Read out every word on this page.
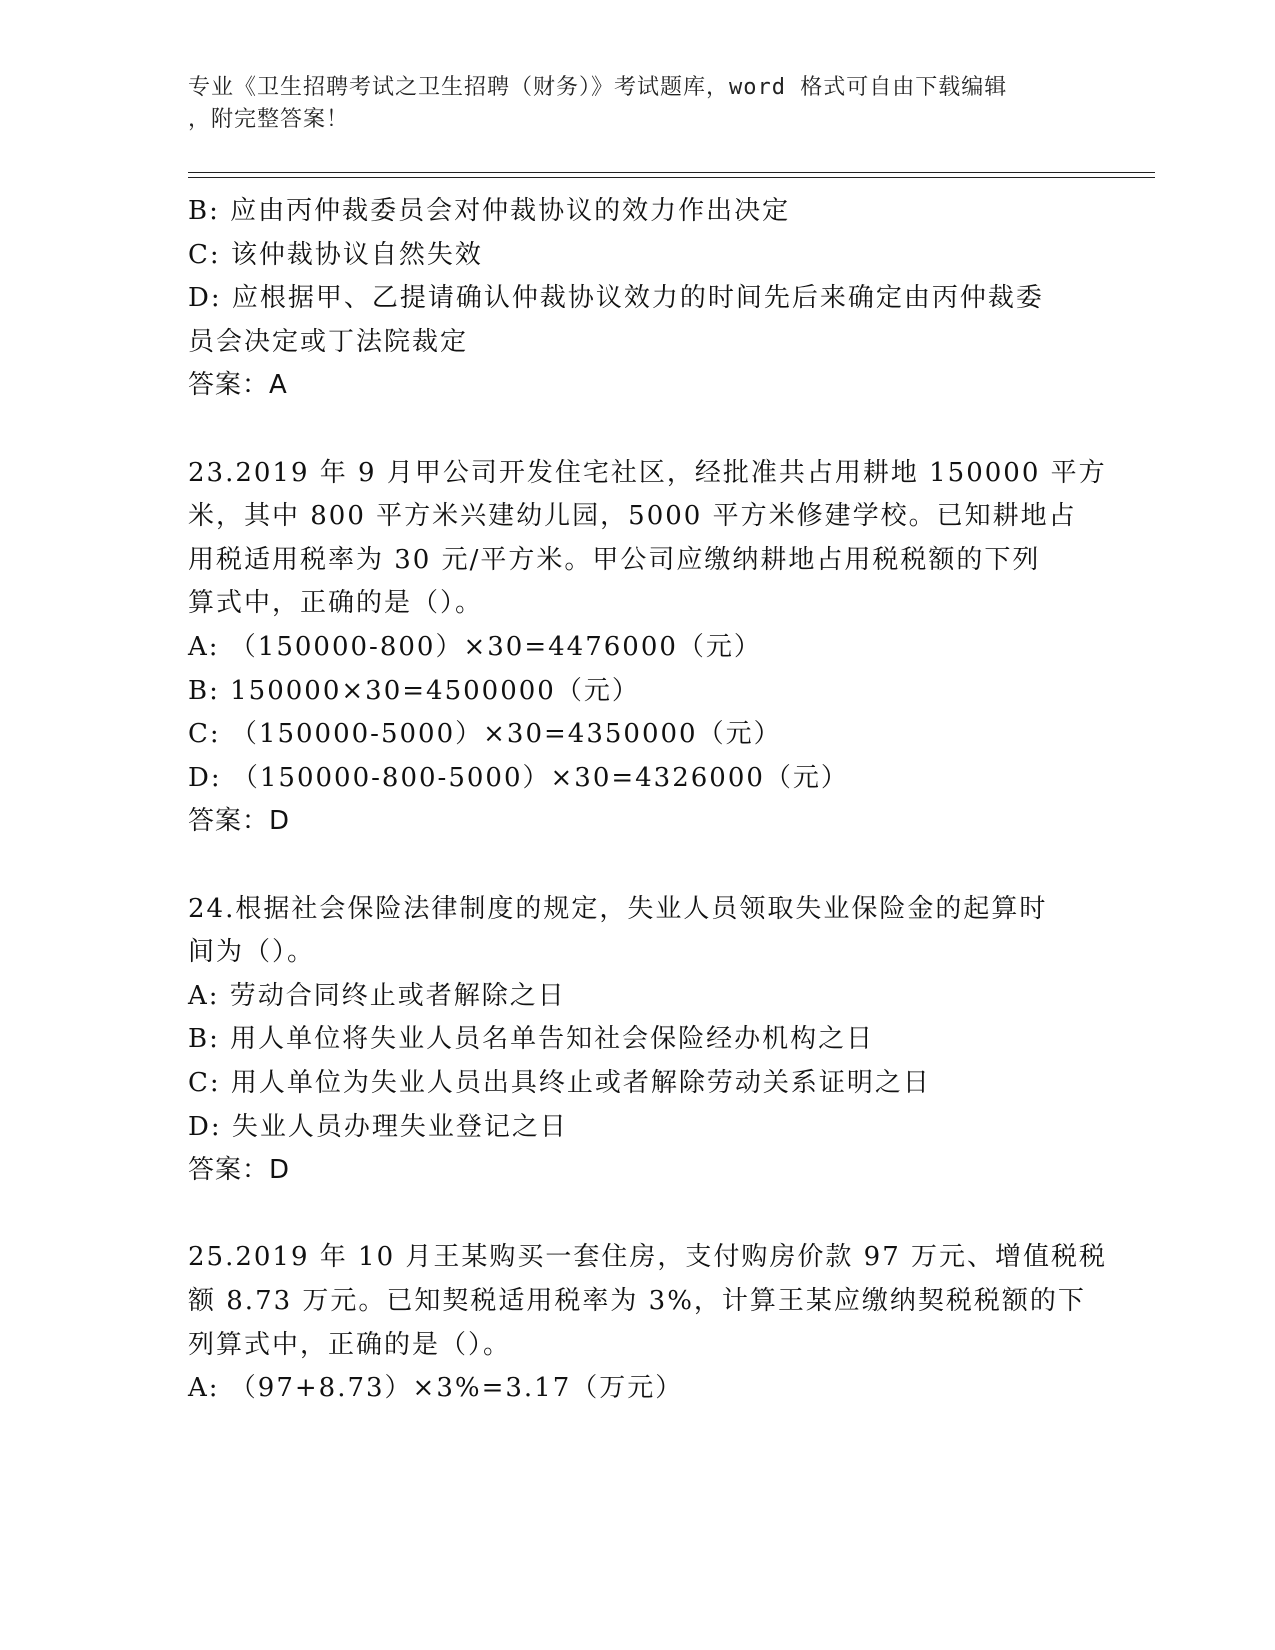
专业《卫生招聘考试之卫生招聘（财务）》考试题库，word 格式可自由下载编辑
，附完整答案！
B: 应由丙仲裁委员会对仲裁协议的效力作出决定
C: 该仲裁协议自然失效
D: 应根据甲、乙提请确认仲裁协议效力的时间先后来确定由丙仲裁委
员会决定或丁法院裁定
答案：A
23.2019 年 9 月甲公司开发住宅社区，经批准共占用耕地 150000 平方
米，其中 800 平方米兴建幼儿园，5000 平方米修建学校。已知耕地占
用税适用税率为 30 元/平方米。甲公司应缴纳耕地占用税税额的下列
算式中，正确的是（）。
A: （150000-800）×30=4476000（元）
B: 150000×30=4500000（元）
C: （150000-5000）×30=4350000（元）
D: （150000-800-5000）×30=4326000（元）
答案：D
24.根据社会保险法律制度的规定，失业人员领取失业保险金的起算时
间为（）。
A: 劳动合同终止或者解除之日
B: 用人单位将失业人员名单告知社会保险经办机构之日
C: 用人单位为失业人员出具终止或者解除劳动关系证明之日
D: 失业人员办理失业登记之日
答案：D
25.2019 年 10 月王某购买一套住房，支付购房价款 97 万元、增值税税
额 8.73 万元。已知契税适用税率为 3%，计算王某应缴纳契税税额的下
列算式中，正确的是（）。
A: （97+8.73）×3%=3.17（万元）
